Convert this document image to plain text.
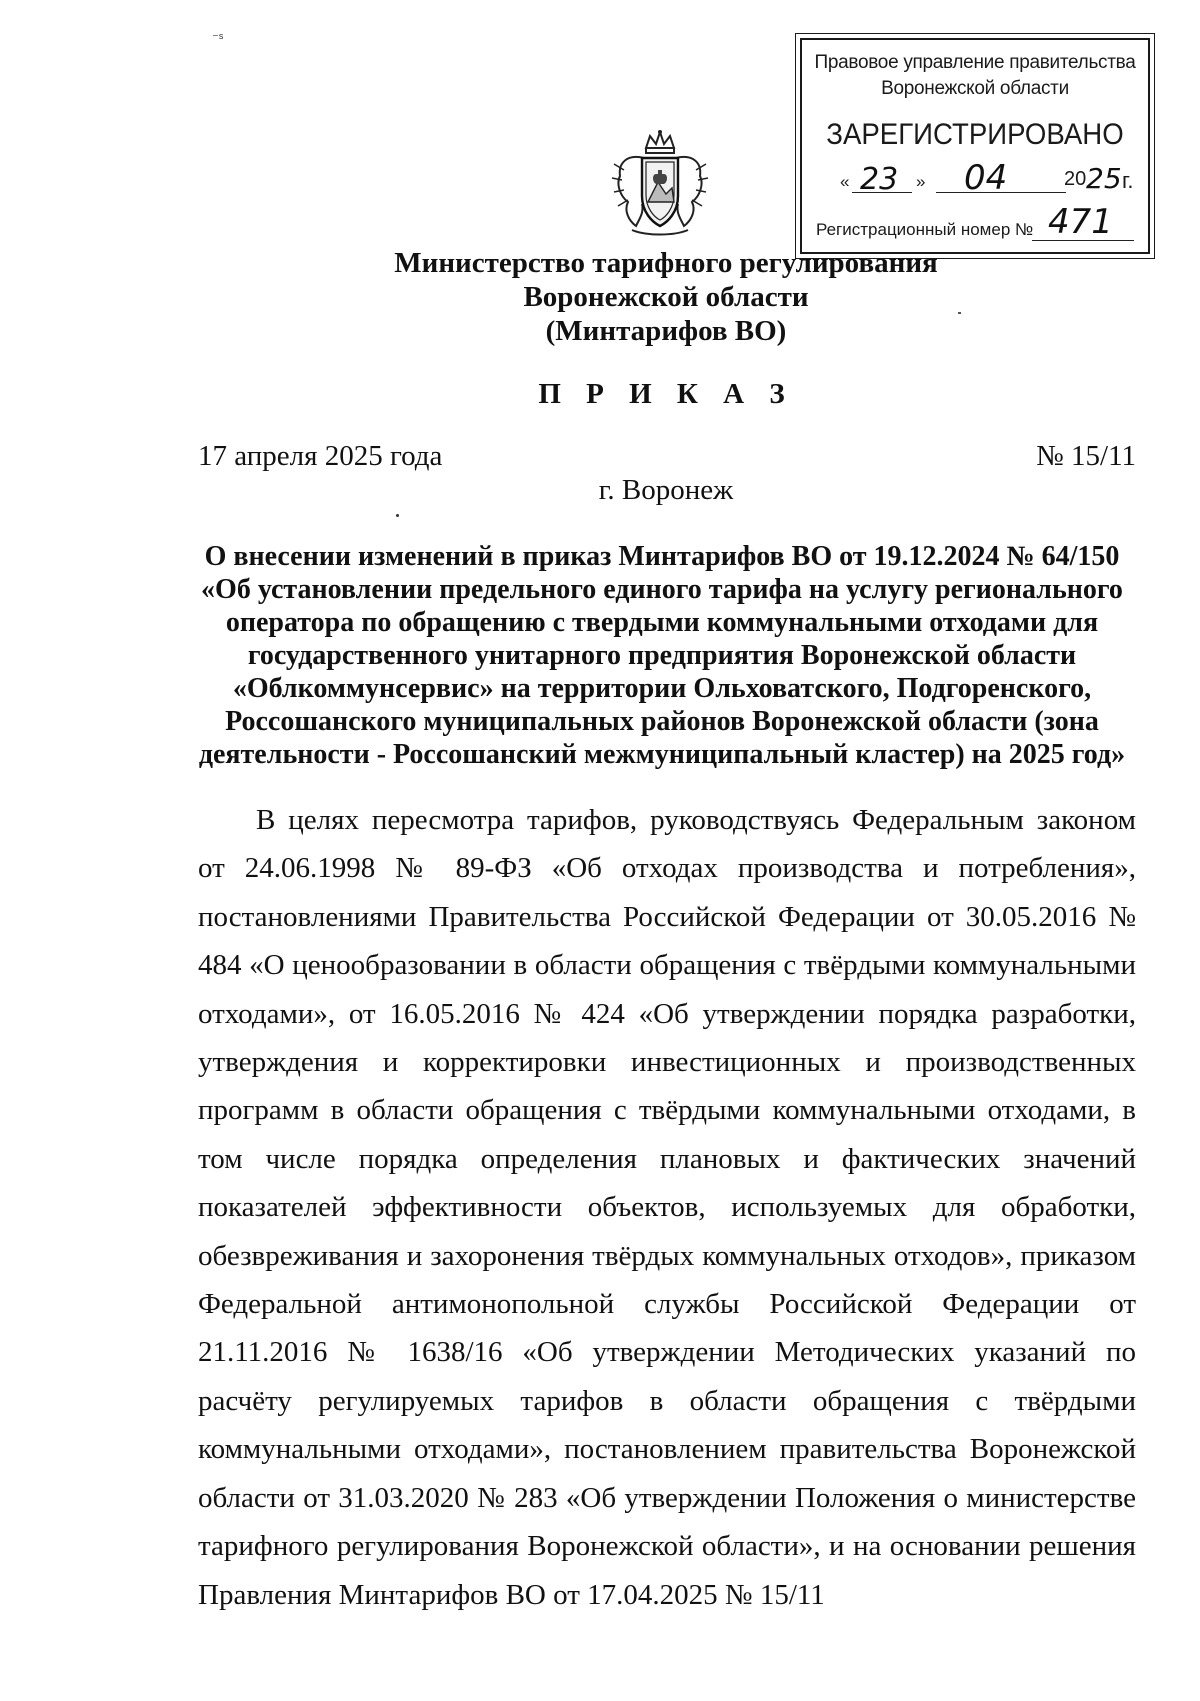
⁻ˢ
Правовое управление правительства
Воронежской области
ЗАРЕГИСТРИРОВАНО
« 23 » 04	20 25 г.
Регистрационный номер № 471
Министерство тарифного регулирования
Воронежской области
(Минтарифов ВО)
П Р И К А З
17 апреля 2025 года	№ 15/11
г. Воронеж
О внесении изменений в приказ Минтарифов ВО от 19.12.2024 № 64/150 «Об установлении предельного единого тарифа на услугу регионального оператора по обращению с твердыми коммунальными отходами для государственного унитарного предприятия Воронежской области «Облкоммунсервис» на территории Ольховатского, Подгоренского, Россошанского муниципальных районов Воронежской области (зона деятельности - Россошанский межмуниципальный кластер) на 2025 год»

В целях пересмотра тарифов, руководствуясь Федеральным законом от 24.06.1998 № 89-ФЗ «Об отходах производства и потребления», постановлениями Правительства Российской Федерации от 30.05.2016 № 484 «О ценообразовании в области обращения с твёрдыми коммунальными отходами», от 16.05.2016 № 424 «Об утверждении порядка разработки, утверждения и корректировки инвестиционных и производственных программ в области обращения с твёрдыми коммунальными отходами, в том числе порядка определения плановых и фактических значений показателей эффективности объектов, используемых для обработки, обезвреживания и захоронения твёрдых коммунальных отходов», приказом Федеральной антимонопольной службы Российской Федерации от 21.11.2016 № 1638/16 «Об утверждении Методических указаний по расчёту регулируемых тарифов в области обращения с твёрдыми коммунальными отходами», постановлением правительства Воронежской области от 31.03.2020 № 283 «Об утверждении Положения о министерстве тарифного регулирования Воронежской области», и на основании решения Правления Минтарифов ВО от 17.04.2025 № 15/11
